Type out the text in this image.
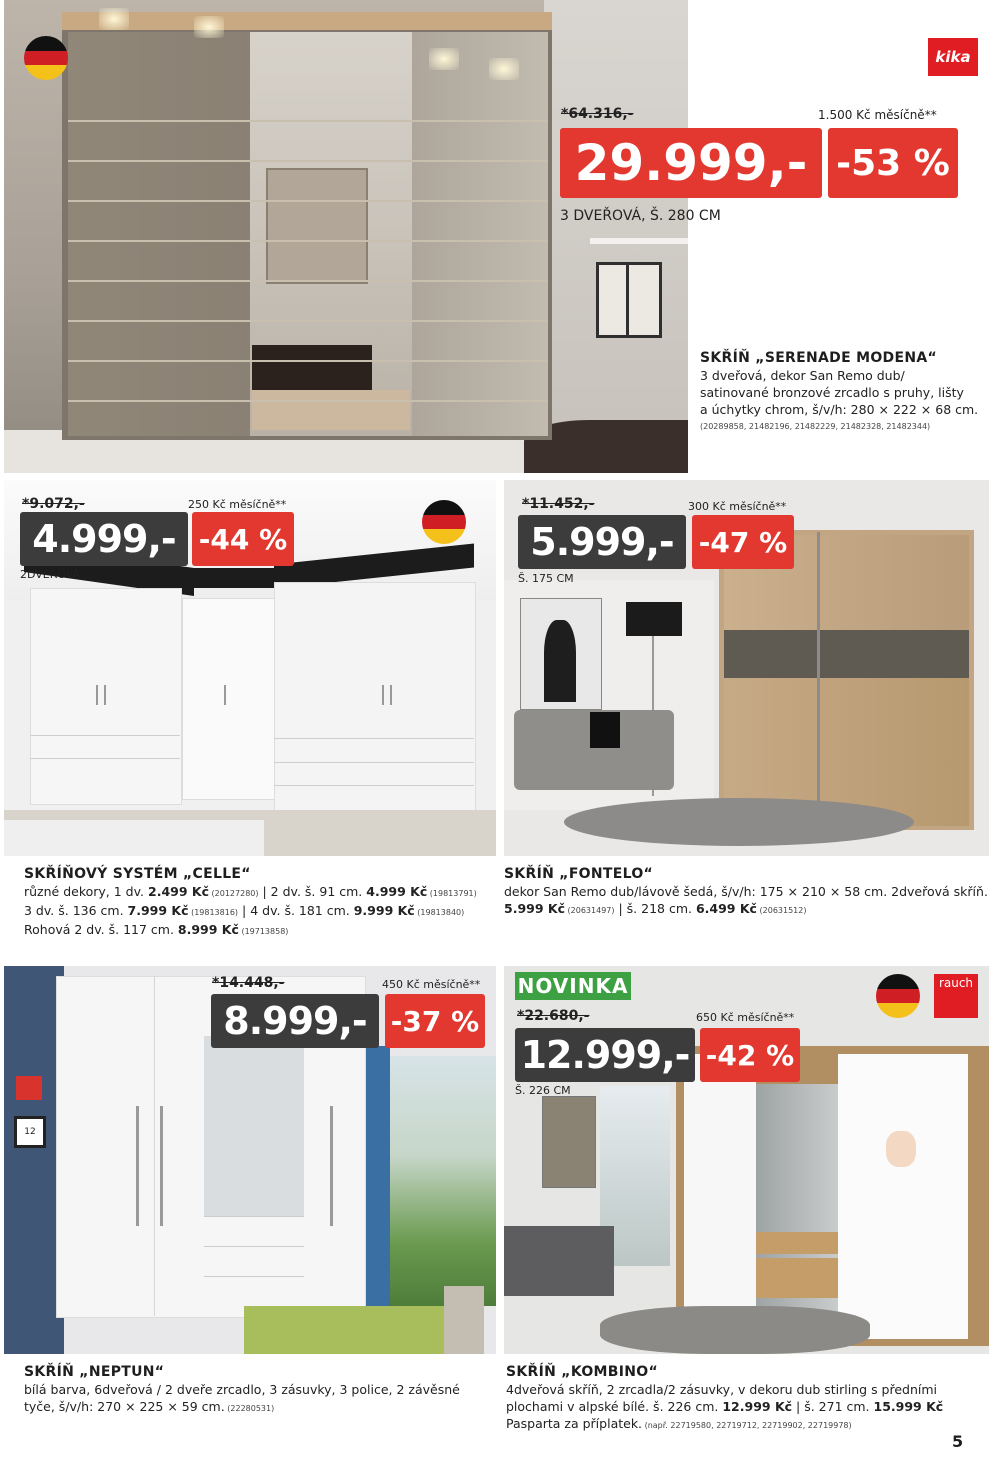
kika
*64.316,-	1.500 Kč měsíčně**
29.999,- -53 %
3 DVEŘOVÁ, Š. 280 CM
SKŘÍŇ „SERENADE MODENA“
3 dveřová, dekor San Remo dub/
satinované bronzové zrcadlo s pruhy, lišty
a úchytky chrom, š/v/h: 280 × 222 × 68 cm.
(20289858, 21482196, 21482229, 21482328, 21482344)
*9.072,-	250 Kč měsíčně**
4.999,- -44 %
2DVEŘOVÁ
SKŘÍŇOVÝ SYSTÉM „CELLE“
různé dekory, 1 dv. 2.499 Kč (20127280) | 2 dv. š. 91 cm. 4.999 Kč (19813791)
3 dv. š. 136 cm. 7.999 Kč (19813816) | 4 dv. š. 181 cm. 9.999 Kč (19813840)
Rohová 2 dv. š. 117 cm. 8.999 Kč (19713858)
*11.452,-	300 Kč měsíčně**
5.999,- -47 %
Š. 175 CM
SKŘÍŇ „FONTELO“
dekor San Remo dub/lávově šedá, š/v/h: 175 × 210 × 58 cm. 2dveřová skříň.
5.999 Kč (20631497) | š. 218 cm. 6.499 Kč (20631512)
12
*14.448,-	450 Kč měsíčně**
8.999,- -37 %
SKŘÍŇ „NEPTUN“
bílá barva, 6dveřová / 2 dveře zrcadlo, 3 zásuvky, 3 police, 2 závěsné
tyče, š/v/h: 270 × 225 × 59 cm. (22280531)
NOVINKA
*22.680,-	650 Kč měsíčně**
12.999,- -42 %
Š. 226 CM
rauch
SKŘÍŇ „KOMBINO“
4dveřová skříň, 2 zrcadla/2 zásuvky, v dekoru dub stirling s předními
plochami v alpské bílé. š. 226 cm. 12.999 Kč | š. 271 cm. 15.999 Kč
Pasparta za příplatek. (např. 22719580, 22719712, 22719902, 22719978)
5
